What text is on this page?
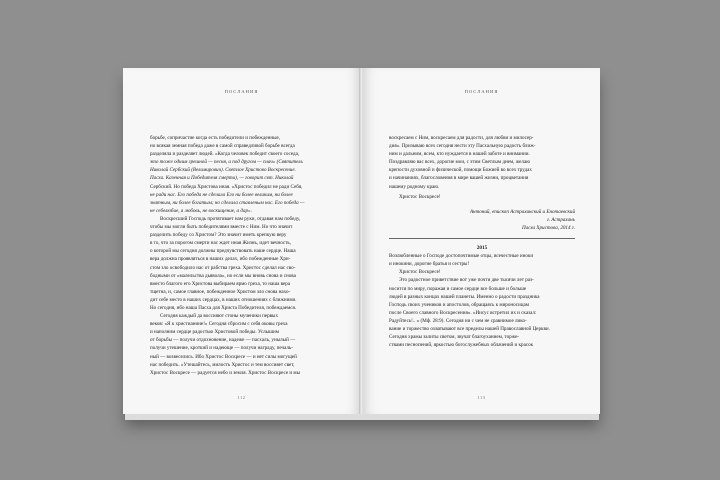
ПОСЛАНИЯ

борьбе, сопричастие когда есть победители и побежденные,

но всякая земная победа даже в самой справедливой борьбе всегда

разделяла и разделяет людей. «Когда человек победит своего соседа,

это тоже одним грешной — песня, а под другом — плач» (Святитель

Николай Сербский (Велимирович). Светлое Христово Воскресение.

Пасха. Казенная и Победителя смерти), — говорит свт. Николай

Сербский. Но победа Христова иная. «Христос победил не ради Себя,

не ради нас. Его победа не сделала Его ни более великим, ни более

знатным, ни более богатым; но сделала ставленым нас. Его победа —

не себелюбие, а любовь, не воскищение, а дар».

Воскресший Господь протягивает нам руки, отдавая нам победу,

чтобы мы могли быть победителями вместе с Ним. Но что значит

разделить победу со Христом? Это значит иметь крепкую веру

в то, что за порогом смерти нас ждет иная Жизнь, идет вечность,

о которой мы сегодня должны предчувствовать наше сердце. Наша

вера должна проявляться в наших делах, ибо побежденные Хри-

стом зло освободило нас от рабства греха. Христос сделал нас сво-

бодными от «малельства дьявола», но если мы вновь снова и снова

вместо благого его Христова выбираем ярмо греха, то наша вера

тщетна, и, самое главное, побежденное Христом зло снова нахо-

дит себе место в наших сердцах, в наших отношениях с ближними.

Но сегодня, ибо наша Пасха для Христа Победителя, побеждаемся.

Сегодня каждый да воссияют стоны мученики первых

веков: «Я к христианине!» Сегодня сбросим с себя оковы греха

и наполним сердце радостью Христовой победы. Услышим

от борьбы — получи отдохновение, надеже — пасхаль, унылый —

получи утешение, кроткий и надеюще — получи награду, печаль-

ный — возвеселись. Ибо Христос Воскресе — и нет силы могущей

нас победить. «Утешайтесь, милость Христос и тем воссияет свет,

Христос Воскресе — радуется небо и земля. Христос Воскресе и мы

112
ПОСЛАНИЯ

воскресаем с Ним, воскресаем для радости, для любви и милосер-

дия». Призываю всех сегодня нести эту Пасхальную радость ближ-

ним и дальним, всем, кто нуждается в нашей заботе и внимании.

Поздравляю вас всех, дорогие мои, с этим Светлым днем, желаю

крепости духовной и физической, помощи Божией во всех трудах

и начинаниях, благословения в мире вашей жизни, процветания

нашему родному краю.

Христос Воскресе!

Антоний, епископ Астрахинский и Енотаевский

г. Астрахань

Пасха Христова, 2014 г.

2015

Возлюбленные о Господе достопочтимые отцы, всечестные иноки

и инокини, дорогие братья и сестры!

Христос Воскресе!

Это радостное приветствие вот уже почти две тысячи лет раз-

носится по миру, поражая и самое сердце все больше и больше

людей в разных концах нашей планеты. Именно о радости праздника

Господь своих учеников и апостолов, обращаясь к мироносицам

после Своего славного Воскресения». «Иисус встретил их и сказал:

Радуйтесь!.. » (Мф. 28:9). Сегодня ни с чем не сравнимое лико-

вание и торжество охватывают все пределы нашей Православной Церкви.

Сегодня храмы залиты светом, звучат благоуханием, торже-

ствами песнопений, яркостью богослужебных облачений и красок

113
